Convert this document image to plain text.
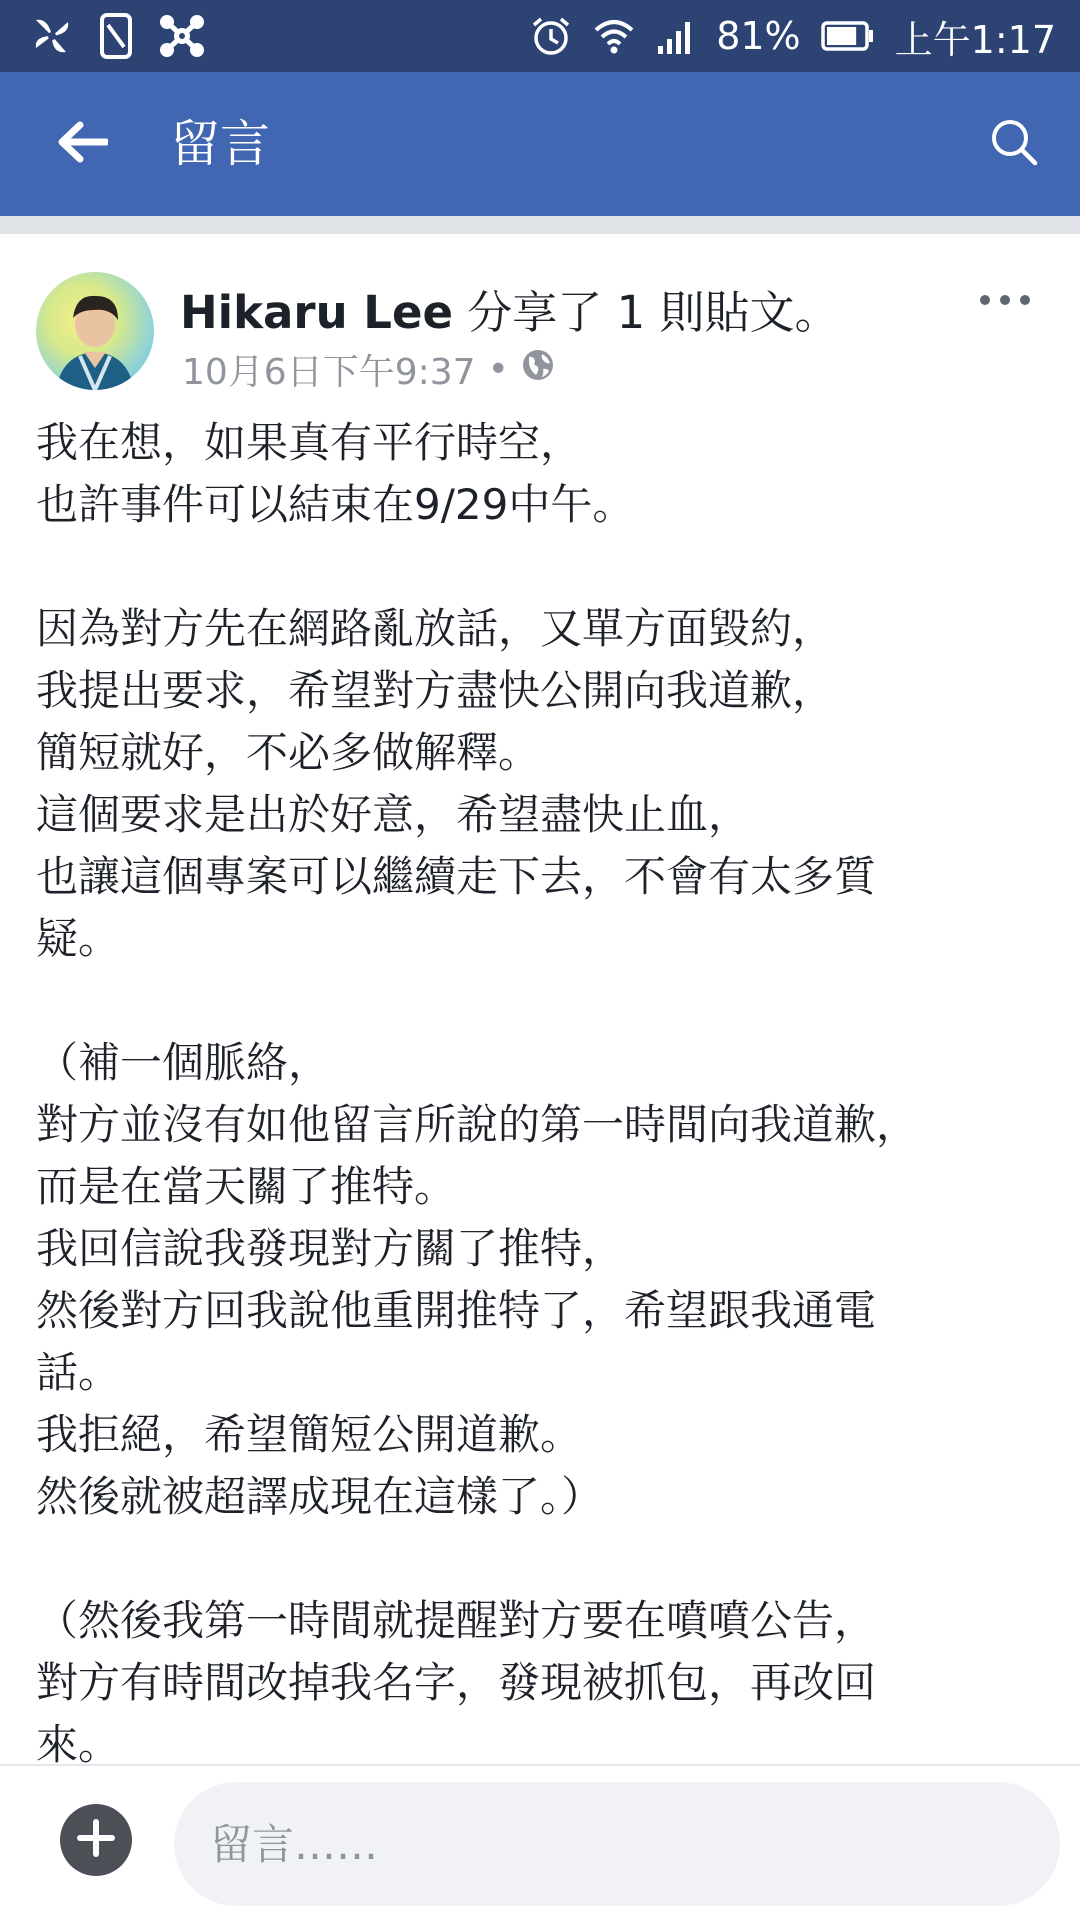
81% 上午1:17
留言
Hikaru Lee 分享了 1 則貼文。
10月6日下午9:37 •
我在想，如果真有平行時空，
也許事件可以結束在9/29中午。
因為對方先在網路亂放話，又單方面毀約，
我提出要求，希望對方盡快公開向我道歉，
簡短就好，不必多做解釋。
這個要求是出於好意，希望盡快止血，
也讓這個專案可以繼續走下去，不會有太多質
疑。
（補一個脈絡，
對方並沒有如他留言所說的第一時間向我道歉，
而是在當天關了推特。
我回信說我發現對方關了推特，
然後對方回我說他重開推特了，希望跟我通電
話。
我拒絕，希望簡短公開道歉。
然後就被超譯成現在這樣了。）
（然後我第一時間就提醒對方要在噴噴公告，
對方有時間改掉我名字，發現被抓包，再改回
來。
留言……
